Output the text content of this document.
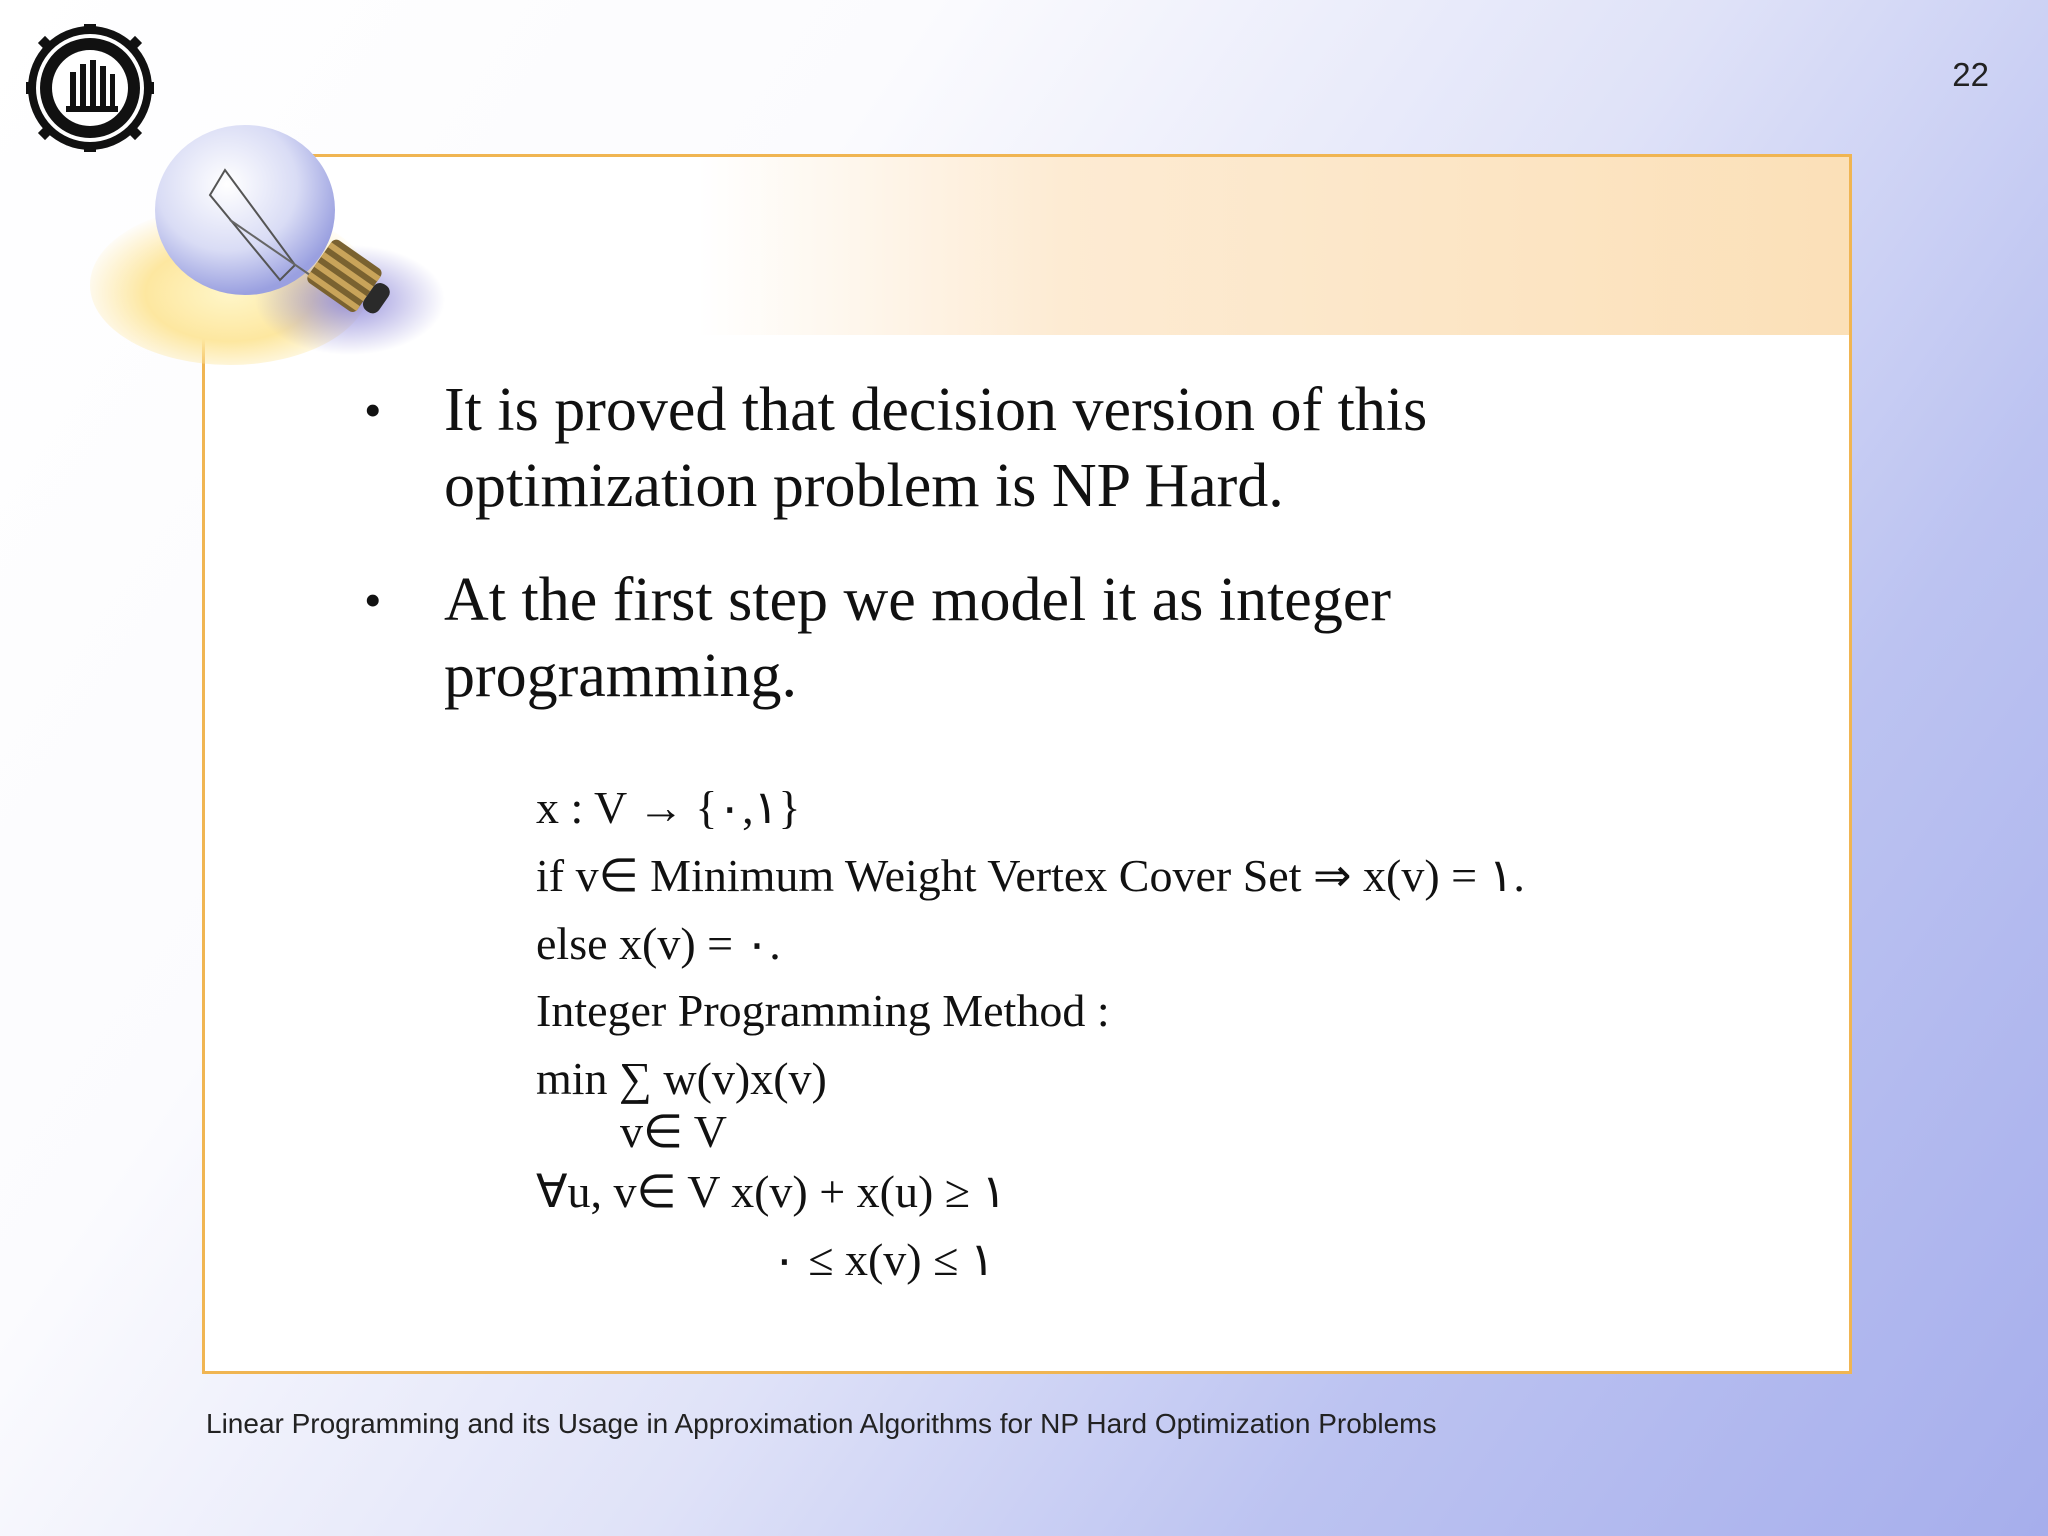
22
• It is proved that decision version of this optimization problem is NP Hard.
• At the first step we model it as integer programming.
x : V → {۰,۱}
if v∈ Minimum Weight Vertex Cover Set ⇒ x(v) = ۱.
else x(v) = ۰.
Integer Programming Method :
min ∑ w(v)x(v)
v∈ V
∀u, v∈ V x(v) + x(u) ≥ ۱
۰ ≤ x(v) ≤ ۱
Linear Programming and its Usage in Approximation Algorithms for NP Hard Optimization Problems
